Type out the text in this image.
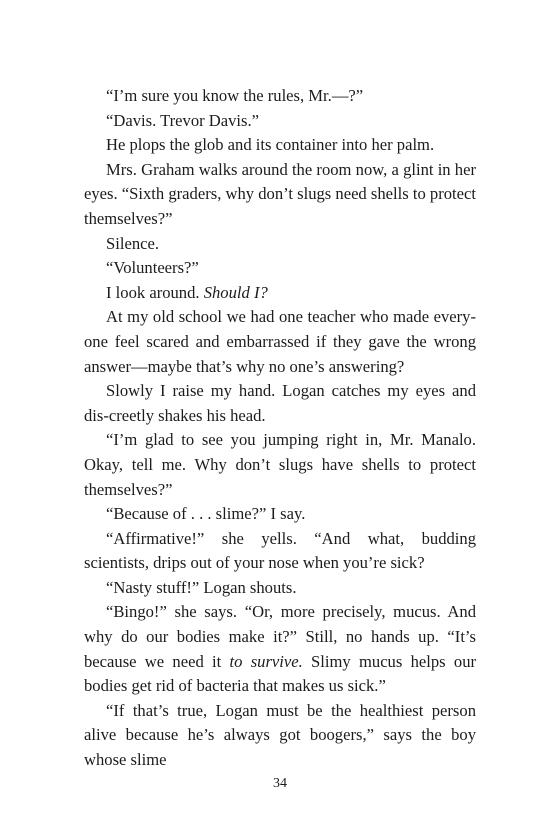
“I’m sure you know the rules, Mr.—?”

“Davis. Trevor Davis.”

He plops the glob and its container into her palm.

Mrs. Graham walks around the room now, a glint in her eyes. “Sixth graders, why don’t slugs need shells to protect themselves?”

Silence.

“Volunteers?”

I look around. Should I?

At my old school we had one teacher who made every-one feel scared and embarrassed if they gave the wrong answer—maybe that’s why no one’s answering?

Slowly I raise my hand. Logan catches my eyes and dis-creetly shakes his head.

“I’m glad to see you jumping right in, Mr. Manalo. Okay, tell me. Why don’t slugs have shells to protect themselves?”

“Because of . . . slime?” I say.

“Affirmative!” she yells. “And what, budding scientists, drips out of your nose when you’re sick?

“Nasty stuff!” Logan shouts.

“Bingo!” she says. “Or, more precisely, mucus. And why do our bodies make it?” Still, no hands up. “It’s because we need it to survive. Slimy mucus helps our bodies get rid of bacteria that makes us sick.”

“If that’s true, Logan must be the healthiest person alive because he’s always got boogers,” says the boy whose slime

34
